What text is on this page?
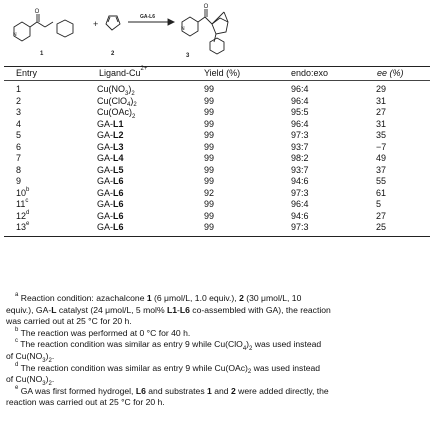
O
N
O
N
1
+
2
GA-L6
3
Entry	Ligand-$Cu^{2+}$	Yield (%)	endo:exo	ee (%)
1	$Cu(NO_3)_2$	99	96:4	29
2	$Cu(ClO_4)_2$	99	96:4	31
3	$Cu(OAc)_2$	99	95:5	27
4	GA-L1	99	96:4	31
5	GA-L2	99	97:3	35
6	GA-L3	99	93:7	−7
7	GA-L4	99	98:2	49
8	GA-L5	99	93:7	37
9	GA-L6	99	94:6	55
10$^b$	GA-L6	92	97:3	61
11$^c$	GA-L6	99	96:4	5
12$^d$	GA-L6	99	94:6	27
13e	GA-L6	99	97:3	25
$^a$ Reaction condition: azachalcone 1 (6 μmol/L, 1.0 equiv.), 2 (30 μmol/L, 10
equiv.), GA-L catalyst (24 μmol/L, 5 mol% L1-L6 co-assembled with GA), the reaction
was carried out at 25 °C for 20 h.
$^b$ The reaction was performed at 0 °C for 40 h.
$^c$ The reaction condition was similar as entry 9 while $Cu(ClO_4)_2$ was used instead
of $Cu(NO_3)_2$.
$^d$ The reaction condition was similar as entry 9 while $Cu(OAc)_2$ was used instead
of $Cu(NO_3)_2$.
$^e$ GA was first formed hydrogel, L6 and substrates 1 and 2 were added directly, the
reaction was carried out at 25 °C for 20 h.
